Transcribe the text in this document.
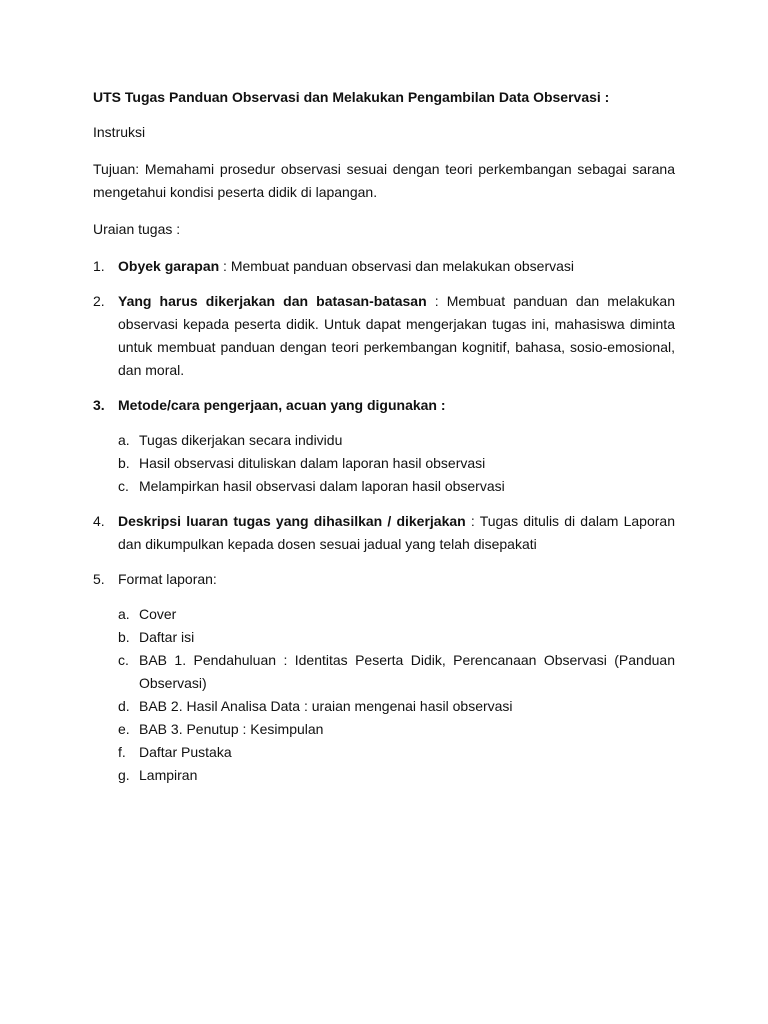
UTS Tugas Panduan Observasi dan Melakukan Pengambilan Data Observasi :
Instruksi
Tujuan: Memahami prosedur observasi sesuai dengan teori perkembangan sebagai sarana mengetahui kondisi peserta didik di lapangan.
Uraian tugas :
1. Obyek garapan : Membuat panduan observasi dan melakukan observasi
2. Yang harus dikerjakan dan batasan-batasan : Membuat panduan dan melakukan observasi kepada peserta didik. Untuk dapat mengerjakan tugas ini, mahasiswa diminta untuk membuat panduan dengan teori perkembangan kognitif, bahasa, sosio-emosional, dan moral.
3. Metode/cara pengerjaan, acuan yang digunakan :
a. Tugas dikerjakan secara individu
b. Hasil observasi dituliskan dalam laporan hasil observasi
c. Melampirkan hasil observasi dalam laporan hasil observasi
4. Deskripsi luaran tugas yang dihasilkan / dikerjakan : Tugas ditulis di dalam Laporan dan dikumpulkan kepada dosen sesuai jadual yang telah disepakati
5. Format laporan:
a. Cover
b. Daftar isi
c. BAB 1. Pendahuluan : Identitas Peserta Didik, Perencanaan Observasi (Panduan Observasi)
d. BAB 2. Hasil Analisa Data : uraian mengenai hasil observasi
e. BAB 3. Penutup : Kesimpulan
f. Daftar Pustaka
g. Lampiran
